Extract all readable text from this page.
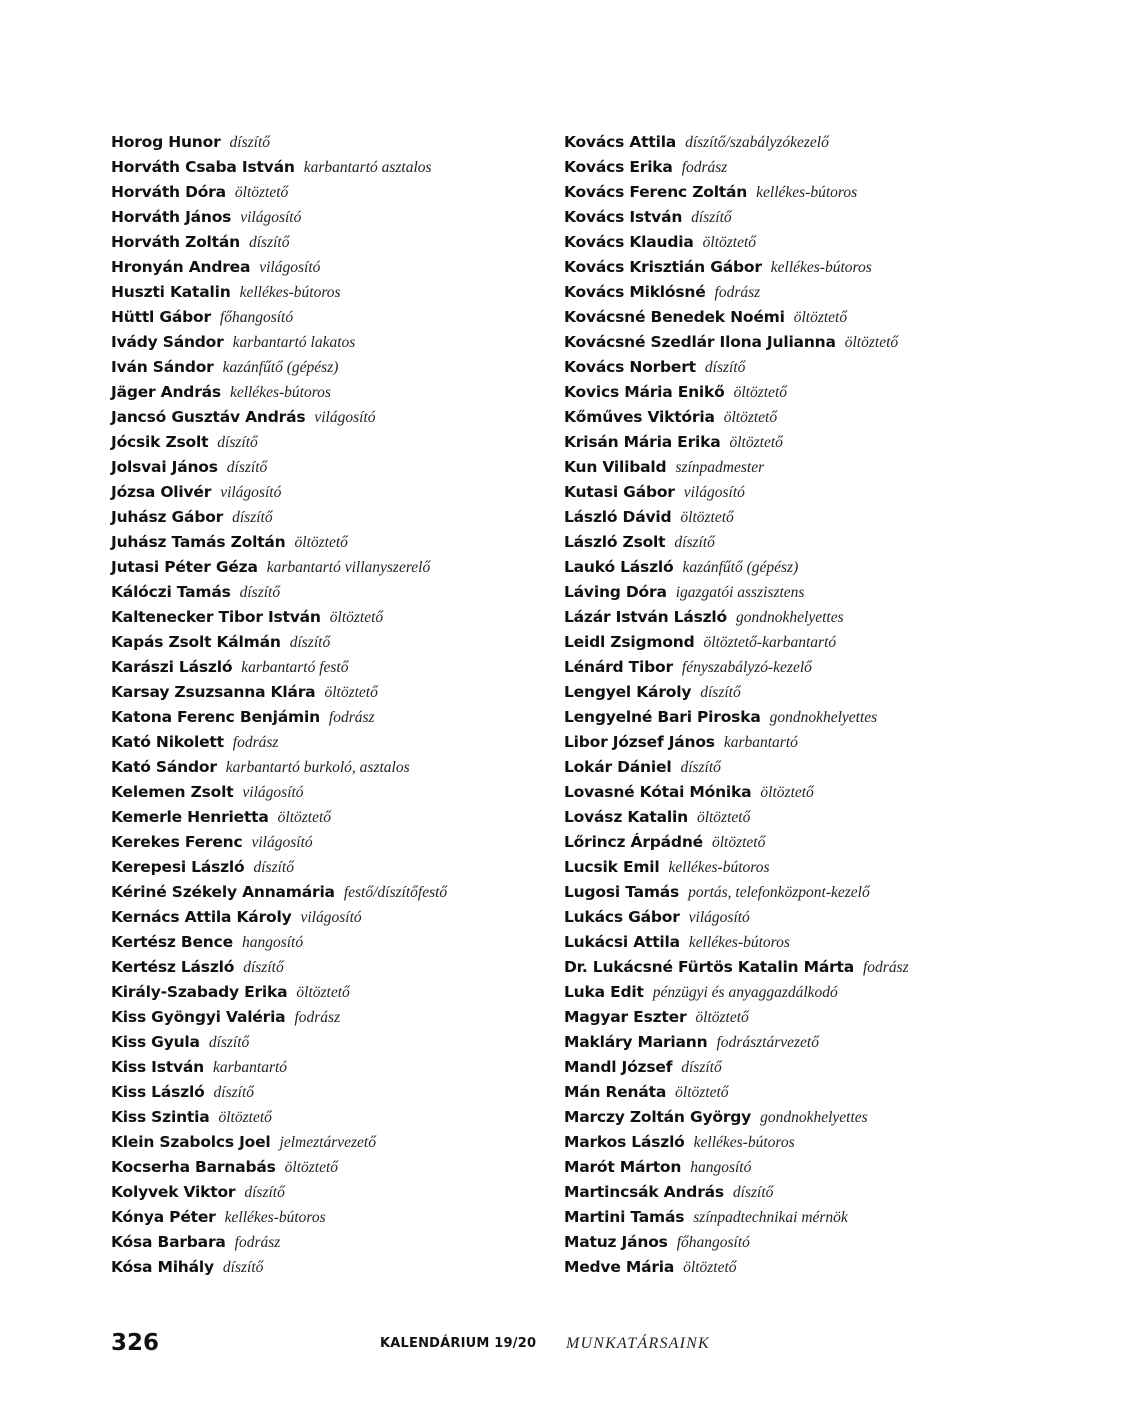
Horog Hunor díszítő
Horváth Csaba István karbantartó asztalos
Horváth Dóra öltöztető
Horváth János világosító
Horváth Zoltán díszítő
Hronyán Andrea világosító
Huszti Katalin kellékes-bútoros
Hüttl Gábor főhangosító
Ivády Sándor karbantartó lakatos
Iván Sándor kazánfűtő (gépész)
Jäger András kellékes-bútoros
Jancsó Gusztáv András világosító
Jócsik Zsolt díszítő
Jolsvai János díszítő
Józsa Olivér világosító
Juhász Gábor díszítő
Juhász Tamás Zoltán öltöztető
Jutasi Péter Géza karbantartó villanyszerelő
Kálóczi Tamás díszítő
Kaltenecker Tibor István öltöztető
Kapás Zsolt Kálmán díszítő
Karászi László karbantartó festő
Karsay Zsuzsanna Klára öltöztető
Katona Ferenc Benjámin fodrász
Kató Nikolett fodrász
Kató Sándor karbantartó burkoló, asztalos
Kelemen Zsolt világosító
Kemerle Henrietta öltöztető
Kerekes Ferenc világosító
Kerepesi László díszítő
Kériné Székely Annamária festő/díszítőfestő
Kernács Attila Károly világosító
Kertész Bence hangosító
Kertész László díszítő
Király-Szabady Erika öltöztető
Kiss Gyöngyi Valéria fodrász
Kiss Gyula díszítő
Kiss István karbantartó
Kiss László díszítő
Kiss Szintia öltöztető
Klein Szabolcs Joel jelmeztárvezető
Kocserha Barnabás öltöztető
Kolyvek Viktor díszítő
Kónya Péter kellékes-bútoros
Kósa Barbara fodrász
Kósa Mihály díszítő
Kovács Attila díszítő/szabályzókezelő
Kovács Erika fodrász
Kovács Ferenc Zoltán kellékes-bútoros
Kovács István díszítő
Kovács Klaudia öltöztető
Kovács Krisztián Gábor kellékes-bútoros
Kovács Miklósné fodrász
Kovácsné Benedek Noémi öltöztető
Kovácsné Szedlár Ilona Julianna öltöztető
Kovács Norbert díszítő
Kovics Mária Enikő öltöztető
Kőműves Viktória öltöztető
Krisán Mária Erika öltöztető
Kun Vilibald színpadmester
Kutasi Gábor világosító
László Dávid öltöztető
László Zsolt díszítő
Laukó László kazánfűtő (gépész)
Láving Dóra igazgatói asszisztens
Lázár István László gondnokhelyettes
Leidl Zsigmond öltöztető-karbantartó
Lénárd Tibor fényszabályzó-kezelő
Lengyel Károly díszítő
Lengyelné Bari Piroska gondnokhelyettes
Libor József János karbantartó
Lokár Dániel díszítő
Lovasné Kótai Mónika öltöztető
Lovász Katalin öltöztető
Lőrincz Árpádné öltöztető
Lucsik Emil kellékes-bútoros
Lugosi Tamás portás, telefonközpont-kezelő
Lukács Gábor világosító
Lukácsi Attila kellékes-bútoros
Dr. Lukácsné Fürtös Katalin Márta fodrász
Luka Edit pénzügyi és anyaggazdálkodó
Magyar Eszter öltöztető
Makláry Mariann fodrásztárvezető
Mandl József díszítő
Mán Renáta öltöztető
Marczy Zoltán György gondnokhelyettes
Markos László kellékes-bútoros
Marót Márton hangosító
Martincsák András díszítő
Martini Tamás színpadtechnikai mérnök
Matuz János főhangosító
Medve Mária öltöztető
326	KALENDÁRIUM 19/20 MUNKATÁRSAINK
